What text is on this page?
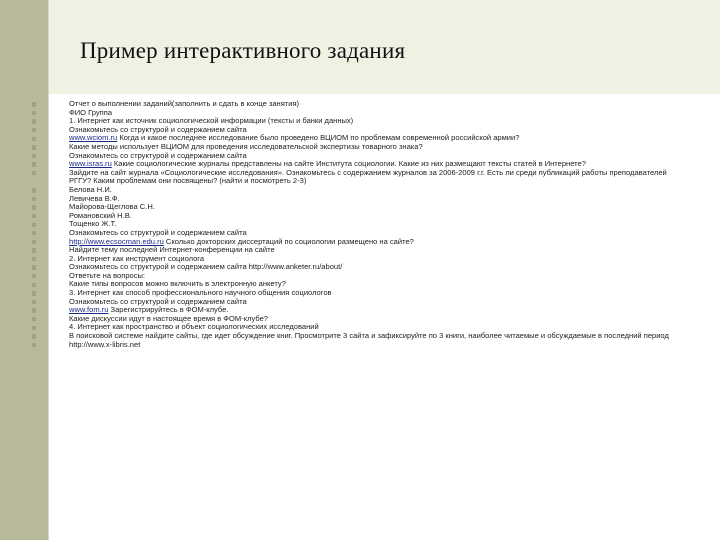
Пример интерактивного задания
Отчет о выполнении заданий(заполнить и сдать в конце занятия)
ФИО Группа
1. Интернет как источник социологической информации (тексты и банки данных)
Ознакомьтесь со структурой и содержанием сайта
www.wciom.ru Когда и какое последнее исследование было проведено ВЦИОМ по проблемам современной российской армии?
Какие методы использует ВЦИОМ для проведения исследовательской экспертизы товарного знака?
Ознакомьтесь со структурой и содержанием сайта
www.isras.ru Какие социологические журналы представлены на сайте Института социологии. Какие из них размещают тексты статей в Интернете?
Зайдите на сайт журнала «Социологические исследования». Ознакомьтесь с содержанием журналов за 2006-2009 г.г. Есть ли среди публикаций работы преподавателей РГГУ? Каким проблемам они посвящены? (найти и посмотреть 2-3)
Белова Н.И.
Левичева В.Ф.
Майорова-Щеглова С.Н.
Романовский Н.В.
Тощенко Ж.Т.
Ознакомьтесь со структурой и содержанием сайта
http://www.ecsocman.edu.ru Сколько докторских диссертаций по социологии размещено на сайте?
Найдите тему последней Интернет-конференции на сайте
2. Интернет как инструмент социолога
Ознакомьтесь со структурой и содержанием сайта http://www.anketer.ru/about/
Ответьте на вопросы:
Какие типы вопросов можно включить в электронную анкету?
3. Интернет как способ профессионального научного общения социологов
Ознакомьтесь со структурой и содержанием сайта
www.fom.ru Зарегистрируйтесь в ФОМ-клубе.
Какие дискуссии идут в настоящее время в ФОМ-клубе?
4. Интернет как пространство и объект социологических исследований
В поисковой системе найдите сайты, где идет обсуждение книг. Просмотрите 3 сайта и зафиксируйте по 3 книги, наиболее читаемые и обсуждаемые в последний период
http://www.x-libris.net
